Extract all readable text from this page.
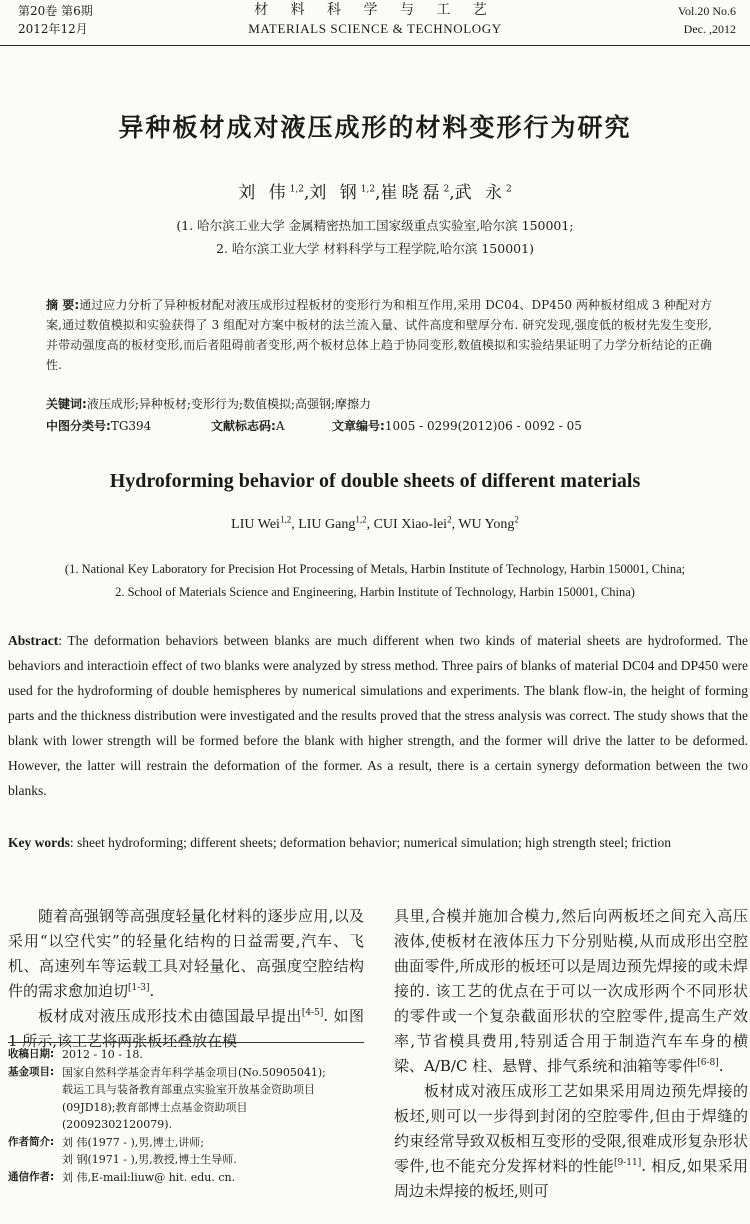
第20卷 第6期
2012年12月
材 料 科 学 与 工 艺
MATERIALS SCIENCE & TECHNOLOGY
Vol.20 No.6
Dec. ,2012
异种板材成对液压成形的材料变形行为研究
刘 伟$^{1,2}$,刘 钢$^{1,2}$,崔晓磊$^2$,武 永$^2$
(1. 哈尔滨工业大学 金属精密热加工国家级重点实验室,哈尔滨 150001;
2. 哈尔滨工业大学 材料科学与工程学院,哈尔滨 150001)
摘 要:通过应力分析了异种板材配对液压成形过程板材的变形行为和相互作用,采用 DC04、DP450 两种板材组成 3 种配对方案,通过数值模拟和实验获得了 3 组配对方案中板材的法兰流入量、试件高度和壁厚分布. 研究发现,强度低的板材先发生变形,并带动强度高的板材变形,而后者阻碍前者变形,两个板材总体上趋于协同变形,数值模拟和实验结果证明了力学分析结论的正确性.
关键词:液压成形;异种板材;变形行为;数值模拟;高强钢;摩擦力
中图分类号:TG394	文献标志码:A	文章编号:1005 - 0299(2012)06 - 0092 - 05
Hydroforming behavior of double sheets of different materials
LIU Wei$^{1,2}$, LIU Gang$^{1,2}$, CUI Xiao-lei$^2$, WU Yong$^2$
(1. National Key Laboratory for Precision Hot Processing of Metals, Harbin Institute of Technology, Harbin 150001, China;
2. School of Materials Science and Engineering, Harbin Institute of Technology, Harbin 150001, China)
Abstract: The deformation behaviors between blanks are much different when two kinds of material sheets are hydroformed. The behaviors and interactioin effect of two blanks were analyzed by stress method. Three pairs of blanks of material DC04 and DP450 were used for the hydroforming of double hemispheres by numerical simulations and experiments. The blank flow-in, the height of forming parts and the thickness distribution were investigated and the results proved that the stress analysis was correct. The study shows that the blank with lower strength will be formed before the blank with higher strength, and the former will drive the latter to be deformed. However, the latter will restrain the deformation of the former. As a result, there is a certain synergy deformation between the two blanks.
Key words: sheet hydroforming; different sheets; deformation behavior; numerical simulation; high strength steel; friction

随着高强钢等高强度轻量化材料的逐步应用,以及采用“以空代实”的轻量化结构的日益需要,汽车、飞机、高速列车等运载工具对轻量化、高强度空腔结构件的需求愈加迫切[1-3].

板材成对液压成形技术由德国最早提出[4-5]. 如图 1 所示,该工艺将两张板坯叠放在模

收稿日期: 2012 - 10 - 18.
基金项目: 国家自然科学基金青年科学基金项目(No.50905041);
载运工具与装备教育部重点实验室开放基金资助项目
(09JD18);教育部博士点基金资助项目
(20092302120079).
作者简介: 刘 伟(1977 - ),男,博士,讲师;
刘 钢(1971 - ),男,教授,博士生导师.
通信作者: 刘 伟,E-mail:liuw@ hit. edu. cn.

具里,合模并施加合模力,然后向两板坯之间充入高压液体,使板材在液体压力下分别贴模,从而成形出空腔曲面零件,所成形的板坯可以是周边预先焊接的或未焊接的. 该工艺的优点在于可以一次成形两个不同形状的零件或一个复杂截面形状的空腔零件,提高生产效率,节省模具费用,特别适合用于制造汽车车身的横梁、A/B/C 柱、悬臂、排气系统和油箱等零件[6-8].

板材成对液压成形工艺如果采用周边预先焊接的板坯,则可以一步得到封闭的空腔零件,但由于焊缝的约束经常导致双板相互变形的受限,很难成形复杂形状零件,也不能充分发挥材料的性能[9-11]. 相反,如果采用周边未焊接的板坯,则可
